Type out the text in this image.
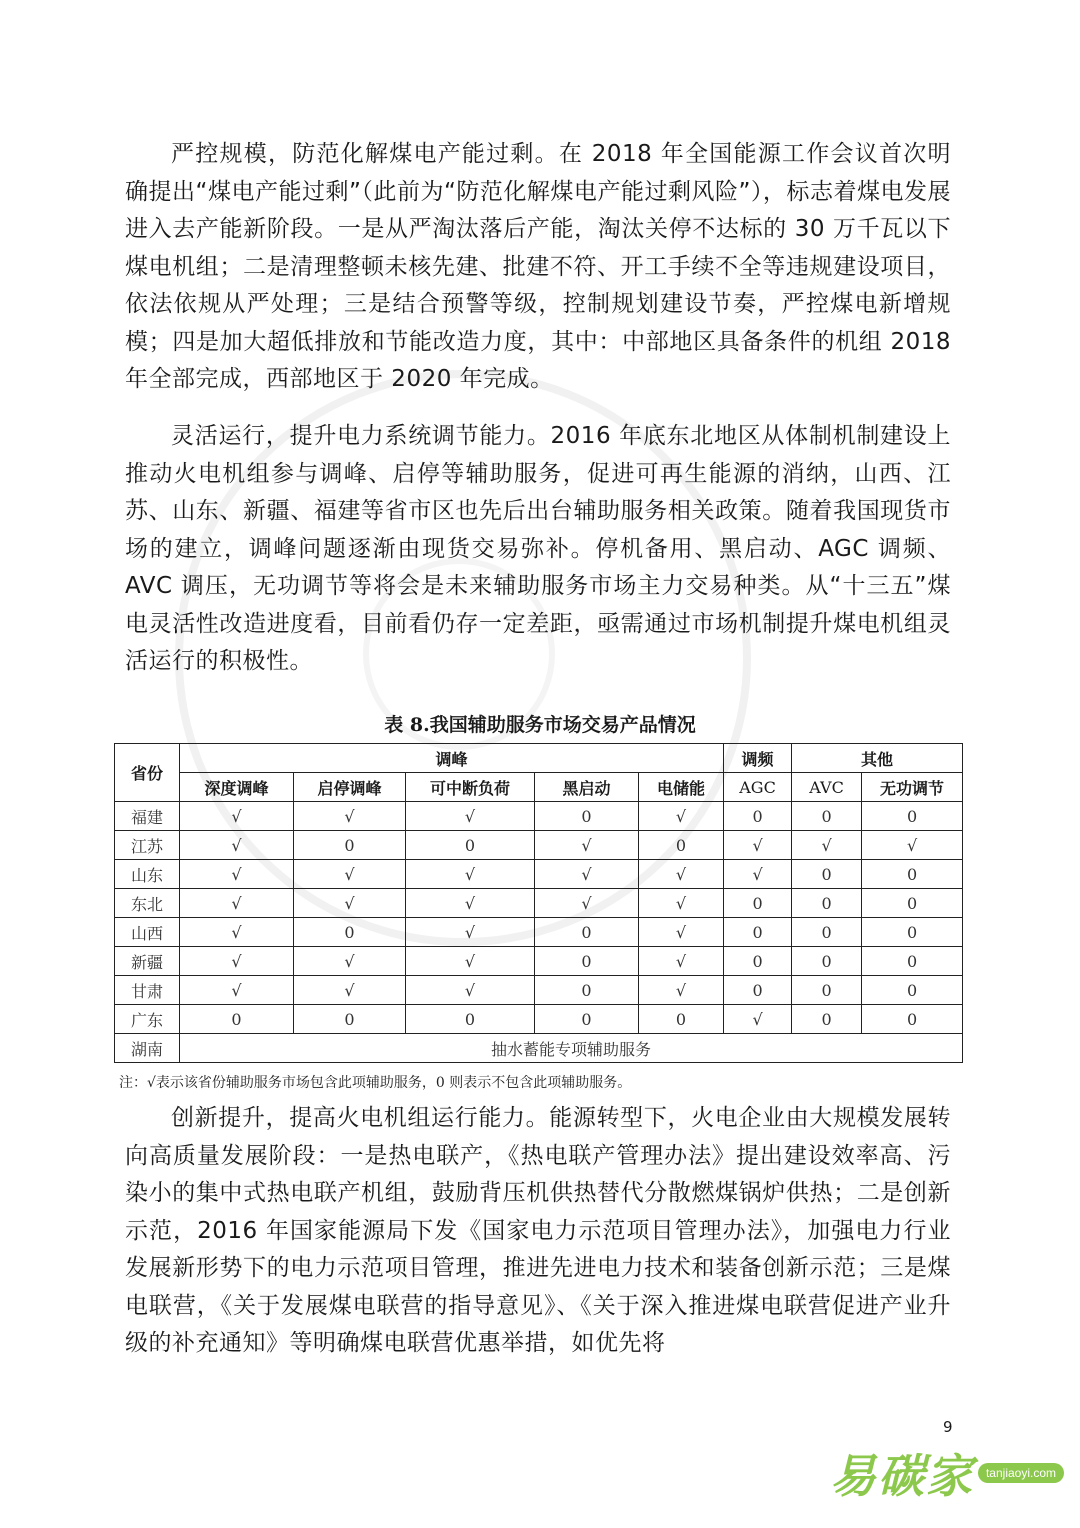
严控规模，防范化解煤电产能过剩。在 2018 年全国能源工作会议首次明确提出“煤电产能过剩”（此前为“防范化解煤电产能过剩风险”），标志着煤电发展进入去产能新阶段。一是从严淘汰落后产能，淘汰关停不达标的 30 万千瓦以下煤电机组；二是清理整顿未核先建、批建不符、开工手续不全等违规建设项目，依法依规从严处理；三是结合预警等级，控制规划建设节奏，严控煤电新增规模；四是加大超低排放和节能改造力度，其中：中部地区具备条件的机组 2018 年全部完成，西部地区于 2020 年完成。

灵活运行，提升电力系统调节能力。2016 年底东北地区从体制机制建设上推动火电机组参与调峰、启停等辅助服务，促进可再生能源的消纳，山西、江苏、山东、新疆、福建等省市区也先后出台辅助服务相关政策。随着我国现货市场的建立，调峰问题逐渐由现货交易弥补。停机备用、黑启动、AGC 调频、AVC 调压，无功调节等将会是未来辅助服务市场主力交易种类。从“十三五”煤电灵活性改造进度看，目前看仍存一定差距，亟需通过市场机制提升煤电机组灵活运行的积极性。

表 8.我国辅助服务市场交易产品情况
省份	调峰					调频	其他	
	深度调峰	启停调峰	可中断负荷	黑启动	电储能	AGC	AVC	无功调节
福建	√	√	√	0	√	0	0	0
江苏	√	0	0	√	0	√	√	√
山东	√	√	√	√	√	√	0	0
东北	√	√	√	√	√	0	0	0
山西	√	0	√	0	√	0	0	0
新疆	√	√	√	0	√	0	0	0
甘肃	√	√	√	0	√	0	0	0
广东	0	0	0	0	0	√	0	0
湖南	抽水蓄能专项辅助服务							
注：√表示该省份辅助服务市场包含此项辅助服务，0 则表示不包含此项辅助服务。

创新提升，提高火电机组运行能力。能源转型下，火电企业由大规模发展转向高质量发展阶段：一是热电联产，《热电联产管理办法》提出建设效率高、污染小的集中式热电联产机组，鼓励背压机供热替代分散燃煤锅炉供热；二是创新示范，2016 年国家能源局下发《国家电力示范项目管理办法》，加强电力行业发展新形势下的电力示范项目管理，推进先进电力技术和装备创新示范；三是煤电联营，《关于发展煤电联营的指导意见》、《关于深入推进煤电联营促进产业升级的补充通知》等明确煤电联营优惠举措，如优先将

9
易碳家	tanjiaoyi.com
